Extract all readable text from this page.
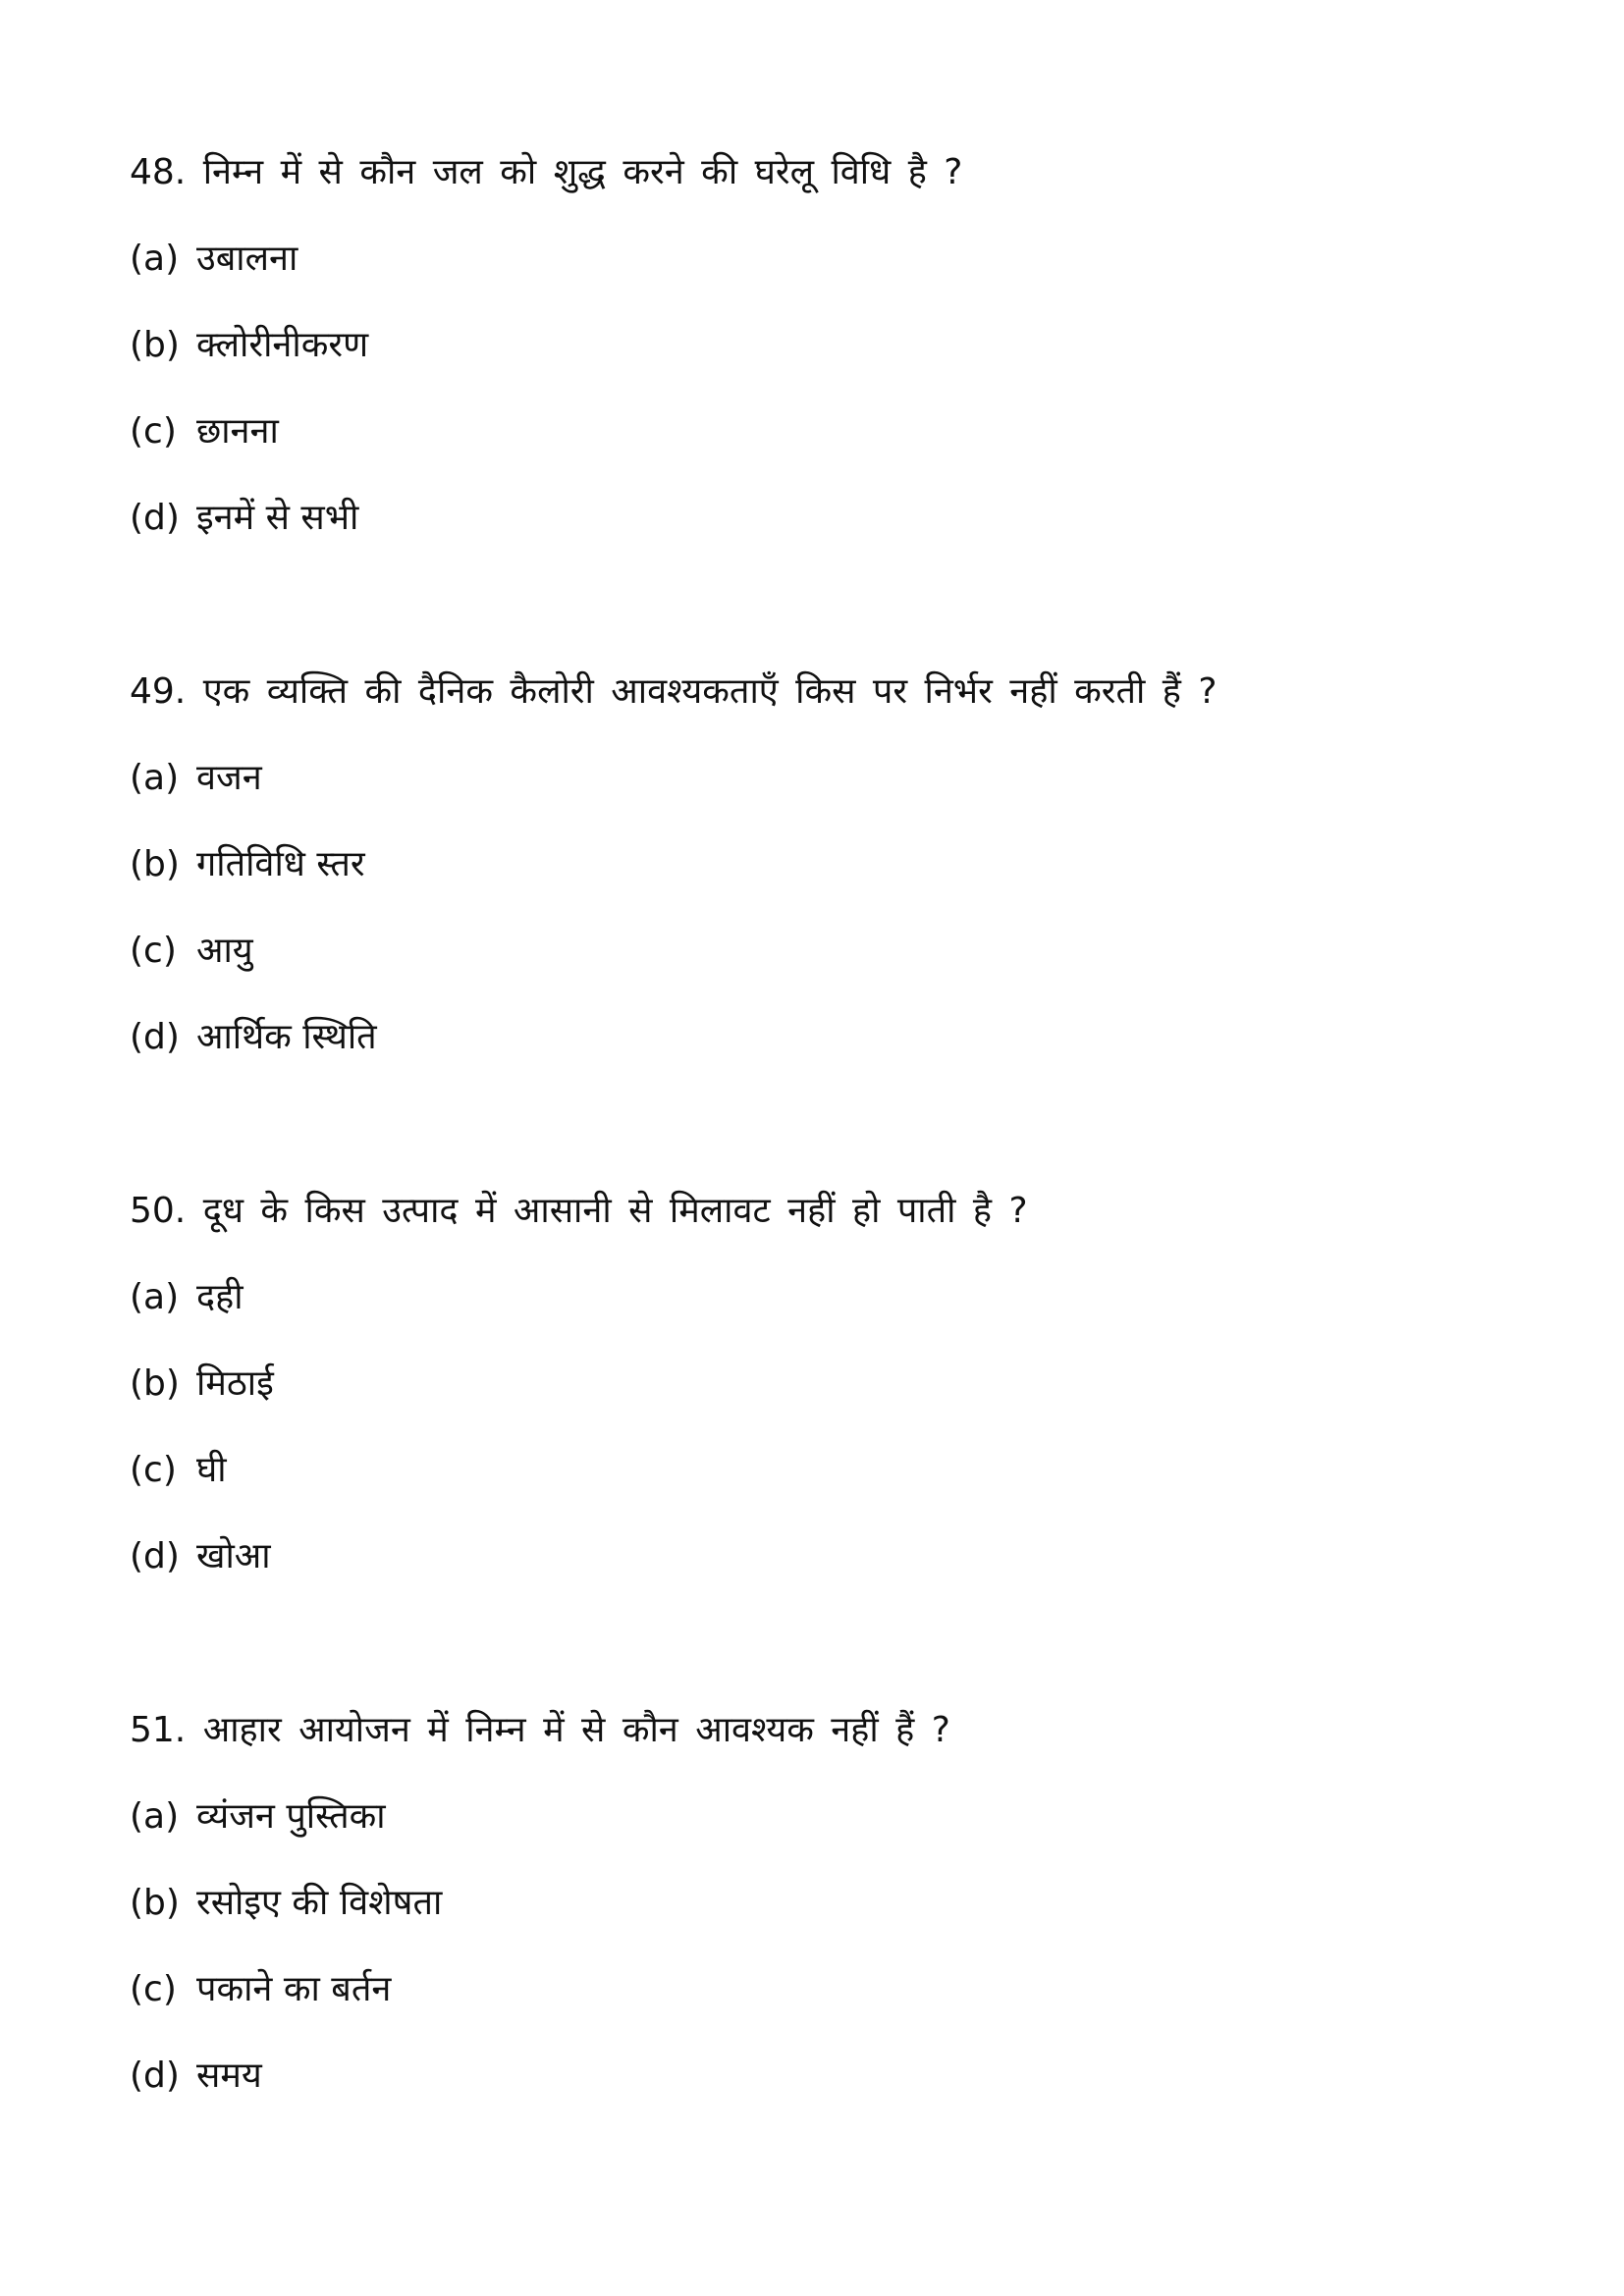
48. निम्न में से कौन जल को शुद्ध करने की घरेलू विधि है ?
(a) उबालना
(b) क्लोरीनीकरण
(c) छानना
(d) इनमें से सभी
49. एक व्यक्ति की दैनिक कैलोरी आवश्यकताएँ किस पर निर्भर नहीं करती हैं ?
(a) वजन
(b) गतिविधि स्तर
(c) आयु
(d) आर्थिक स्थिति
50. दूध के किस उत्पाद में आसानी से मिलावट नहीं हो पाती है ?
(a) दही
(b) मिठाई
(c) घी
(d) खोआ
51. आहार आयोजन में निम्न में से कौन आवश्यक नहीं हैं ?
(a) व्यंजन पुस्तिका
(b) रसोइए की विशेषता
(c) पकाने का बर्तन
(d) समय
